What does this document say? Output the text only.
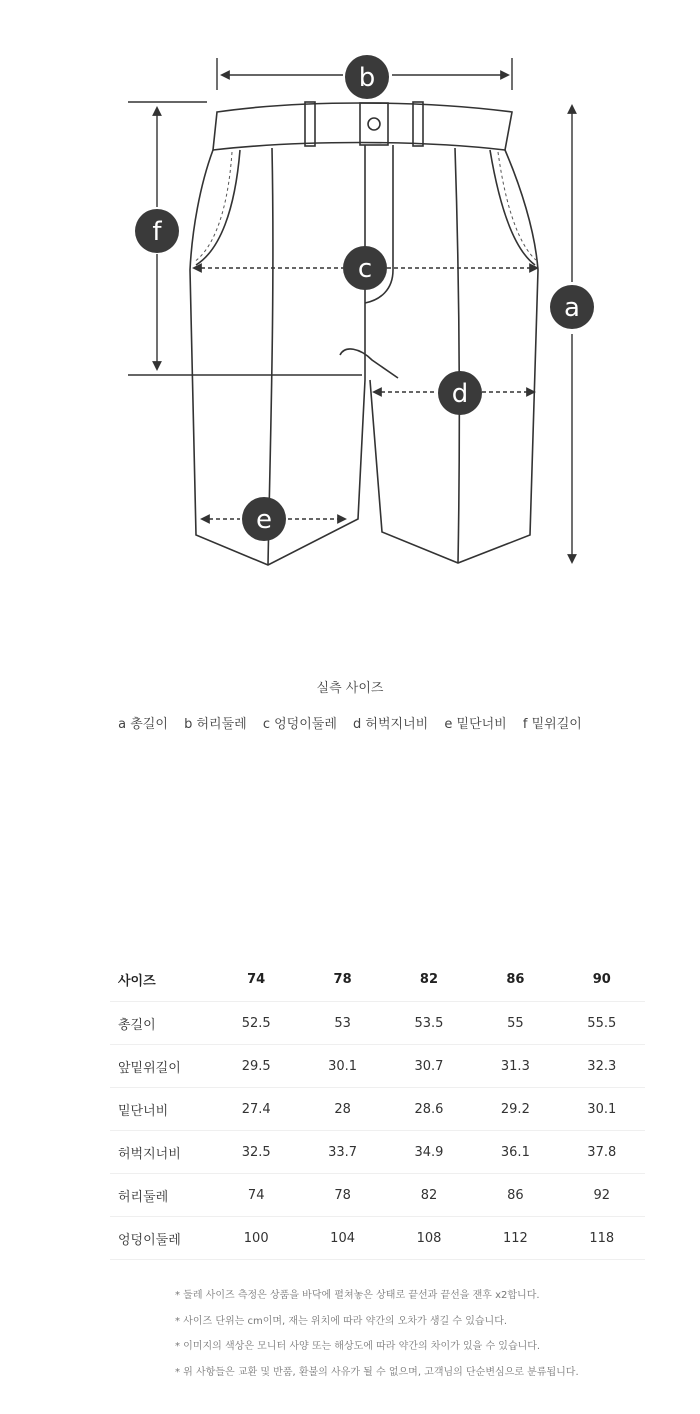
b
a
f
c
d
e
실측 사이즈
a 총길이 b 허리둘레 c 엉덩이둘레 d 허벅지너비 e 밑단너비 f 밑위길이
사이즈	74	78	82	86	90
총길이	52.5	53	53.5	55	55.5
앞밑위길이	29.5	30.1	30.7	31.3	32.3
밑단너비	27.4	28	28.6	29.2	30.1
허벅지너비	32.5	33.7	34.9	36.1	37.8
허리둘레	74	78	82	86	92
엉덩이둘레	100	104	108	112	118
* 둘레 사이즈 측정은 상품을 바닥에 펼쳐놓은 상태로 끝선과 끝선을 잰후 x2합니다.
* 사이즈 단위는 cm이며, 재는 위치에 따라 약간의 오차가 생길 수 있습니다.
* 이미지의 색상은 모니터 사양 또는 해상도에 따라 약간의 차이가 있을 수 있습니다.
* 위 사항들은 교환 및 반품, 환불의 사유가 될 수 없으며, 고객님의 단순변심으로 분류됩니다.
